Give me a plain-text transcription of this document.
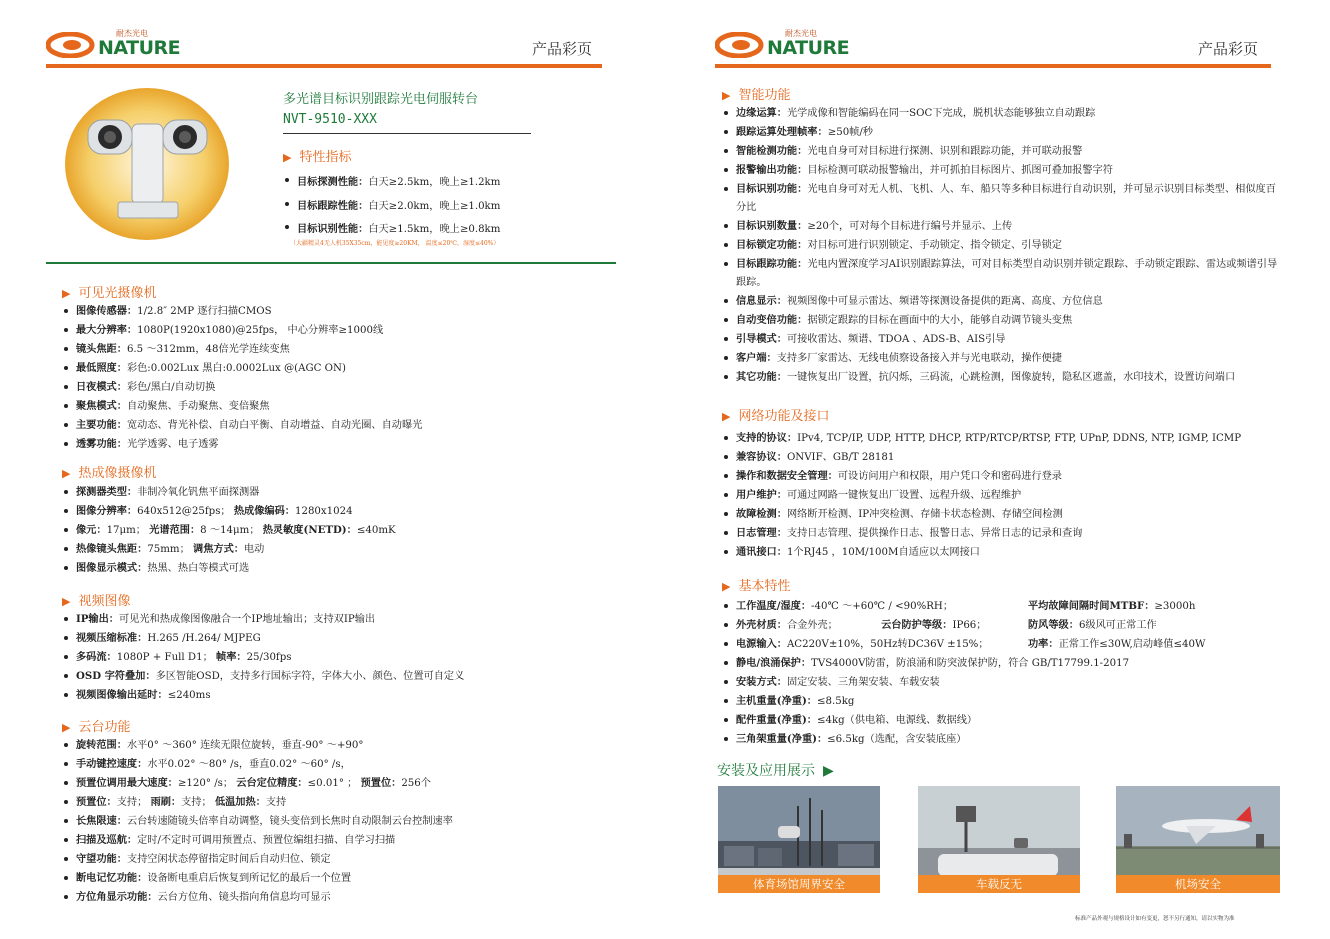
耐杰光电
NATURE	产品彩页
多光谱目标识别跟踪光电伺服转台
NVT-9510-XXX
▶ 特性指标
目标探测性能：白天≥2.5km，晚上≥1.2km
目标跟踪性能：白天≥2.0km，晚上≥1.0km
目标识别性能：白天≥1.5km，晚上≥0.8km
（大疆精灵4无人机35X35cm，能见度≥20KM， 温度≤20℃，湿度≤40%）
▶ 可见光摄像机
图像传感器：1/2.8″ 2MP 逐行扫描CMOS
最大分辨率：1080P(1920x1080)@25fps， 中心分辨率≥1000线
镜头焦距：6.5 ～312mm，48倍光学连续变焦
最低照度：彩色:0.002Lux 黑白:0.0002Lux @(AGC ON)
日夜模式：彩色/黑白/自动切换
聚焦模式：自动聚焦、手动聚焦、变倍聚焦
主要功能：宽动态、背光补偿、自动白平衡、自动增益、自动光圈、自动曝光
透雾功能：光学透雾、电子透雾
▶ 热成像摄像机
探测器类型：非制冷氧化钒焦平面探测器
图像分辨率：640x512@25fps； 热成像编码：1280x1024
像元：17μm； 光谱范围：8 ～14μm； 热灵敏度(NETD)：≤40mK
热像镜头焦距：75mm； 调焦方式：电动
图像显示模式：热黑、热白等模式可选
▶ 视频图像
IP输出：可见光和热成像图像融合一个IP地址输出；支持双IP输出
视频压缩标准：H.265 /H.264/ MJPEG
多码流：1080P + Full D1； 帧率：25/30fps
OSD 字符叠加：多区智能OSD，支持多行国标字符，字体大小、颜色、位置可自定义
视频图像输出延时：≤240ms
▶ 云台功能
旋转范围：水平0° ～360° 连续无限位旋转，垂直-90° ～+90°
手动键控速度：水平0.02° ～80° /s，垂直0.02° ～60° /s，
预置位调用最大速度：≥120° /s； 云台定位精度：≤0.01° ； 预置位：256个
预置位：支持； 雨刷：支持； 低温加热：支持
长焦限速：云台转速随镜头倍率自动调整，镜头变倍到长焦时自动限制云台控制速率
扫描及巡航：定时/不定时可调用预置点、预置位编组扫描、自学习扫描
守望功能：支持空闲状态停留指定时间后自动归位、锁定
断电记忆功能：设备断电重启后恢复到所记忆的最后一个位置
方位角显示功能：云台方位角、镜头指向角信息均可显示
耐杰光电
NATURE	产品彩页
▶ 智能功能
边缘运算：光学成像和智能编码在同一SOC下完成，脱机状态能够独立自动跟踪
跟踪运算处理帧率：≥50帧/秒
智能检测功能：光电自身可对目标进行探测、识别和跟踪功能，并可联动报警
报警输出功能：目标检测可联动报警输出，并可抓拍目标图片、抓图可叠加报警字符
目标识别功能：光电自身可对无人机、飞机、人、车、船只等多种目标进行自动识别，并可显示识别目标类型、相似度百分比
目标识别数量：≥20个，可对每个目标进行编号并显示、上传
目标锁定功能：对目标可进行识别锁定、手动锁定、指令锁定、引导锁定
目标跟踪功能：光电内置深度学习AI识别跟踪算法，可对目标类型自动识别并锁定跟踪、手动锁定跟踪、雷达或频谱引导跟踪。
信息显示：视频图像中可显示雷达、频谱等探测设备提供的距离、高度、方位信息
自动变倍功能：据锁定跟踪的目标在画面中的大小，能够自动调节镜头变焦
引导模式：可接收雷达、频谱、TDOA 、ADS-B、AIS引导
客户端：支持多厂家雷达、无线电侦察设备接入并与光电联动，操作便捷
其它功能：一键恢复出厂设置，抗闪烁，三码流，心跳检测，图像旋转，隐私区遮盖，水印技术，设置访问端口
▶ 网络功能及接口
支持的协议：IPv4, TCP/IP, UDP, HTTP, DHCP, RTP/RTCP/RTSP, FTP, UPnP, DDNS, NTP, IGMP, ICMP
兼容协议：ONVIF、GB/T 28181
操作和数据安全管理：可设访问用户和权限，用户凭口令和密码进行登录
用户维护：可通过网路一键恢复出厂设置、远程升级、远程维护
故障检测：网络断开检测、IP冲突检测、存储卡状态检测、存储空间检测
日志管理：支持日志管理、提供操作日志、报警日志、异常日志的记录和查询
通讯接口：1个RJ45 ，10M/100M自适应以太网接口
▶ 基本特性
工作温度/湿度：-40℃ ～+60℃ / <90%RH；	平均故障间隔时间MTBF：≥3000h
外壳材质：合金外壳；	云台防护等级：IP66；	防风等级：6级风可正常工作
电源输入：AC220V±10%，50Hz转DC36V ±15%；	功率：正常工作≤30W,启动峰值≤40W
静电/浪涌保护：TVS4000V防雷，防浪涌和防突波保护防，符合 GB/T17799.1-2017
安装方式：固定安装、三角架安装、车载安装
主机重量(净重)：≤8.5kg
配件重量(净重)：≤4kg（供电箱、电源线、数据线）
三角架重量(净重)：≤6.5kg（选配，含安装底座）
安装及应用展示 ▶
体育场馆周界安全	车载反无	机场安全
标准产品外观与规格设计如有变更，恕不另行通知，请以实物为准
